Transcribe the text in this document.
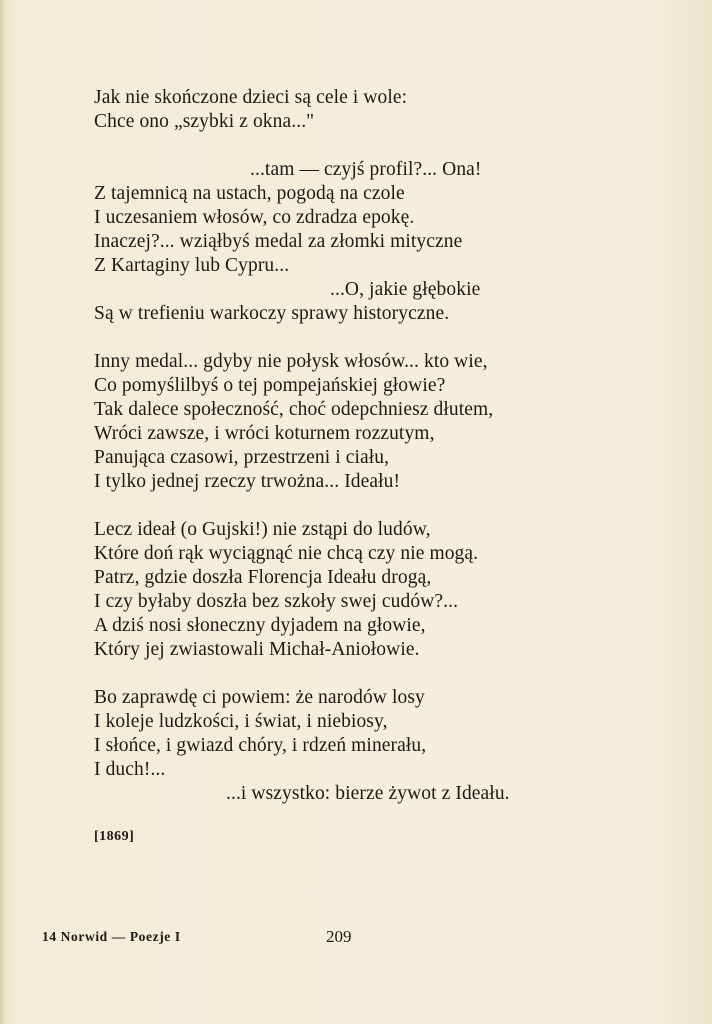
Jak nie skończone dzieci są cele i wole:
Chce ono „szybki z okna..."
...tam — czyjś profil?... Ona!
Z tajemnicą na ustach, pogodą na czole
I uczesaniem włosów, co zdradza epokę.
Inaczej?... wziąłbyś medal za złomki mityczne
Z Kartaginy lub Cypru...
...O, jakie głębokie
Są w trefieniu warkoczy sprawy historyczne.
Inny medal... gdyby nie połysk włosów... kto wie,
Co pomyślilbyś o tej pompejańskiej głowie?
Tak dalece społeczność, choć odepchniesz dłutem,
Wróci zawsze, i wróci koturnem rozzutym,
Panująca czasowi, przestrzeni i ciału,
I tylko jednej rzeczy trwożna... Ideału!
Lecz ideał (o Gujski!) nie zstąpi do ludów,
Które doń rąk wyciągnąć nie chcą czy nie mogą.
Patrz, gdzie doszła Florencja Ideału drogą,
I czy byłaby doszła bez szkoły swej cudów?...
A dziś nosi słoneczny dyjadem na głowie,
Który jej zwiastowali Michał-Aniołowie.
Bo zaprawdę ci powiem: że narodów losy
I koleje ludzkości, i świat, i niebiosy,
I słońce, i gwiazd chóry, i rdzeń minerału,
I duch!...
...i wszystko: bierze żywot z Ideału.
[1869]
14 Norwid — Poezje I	209
